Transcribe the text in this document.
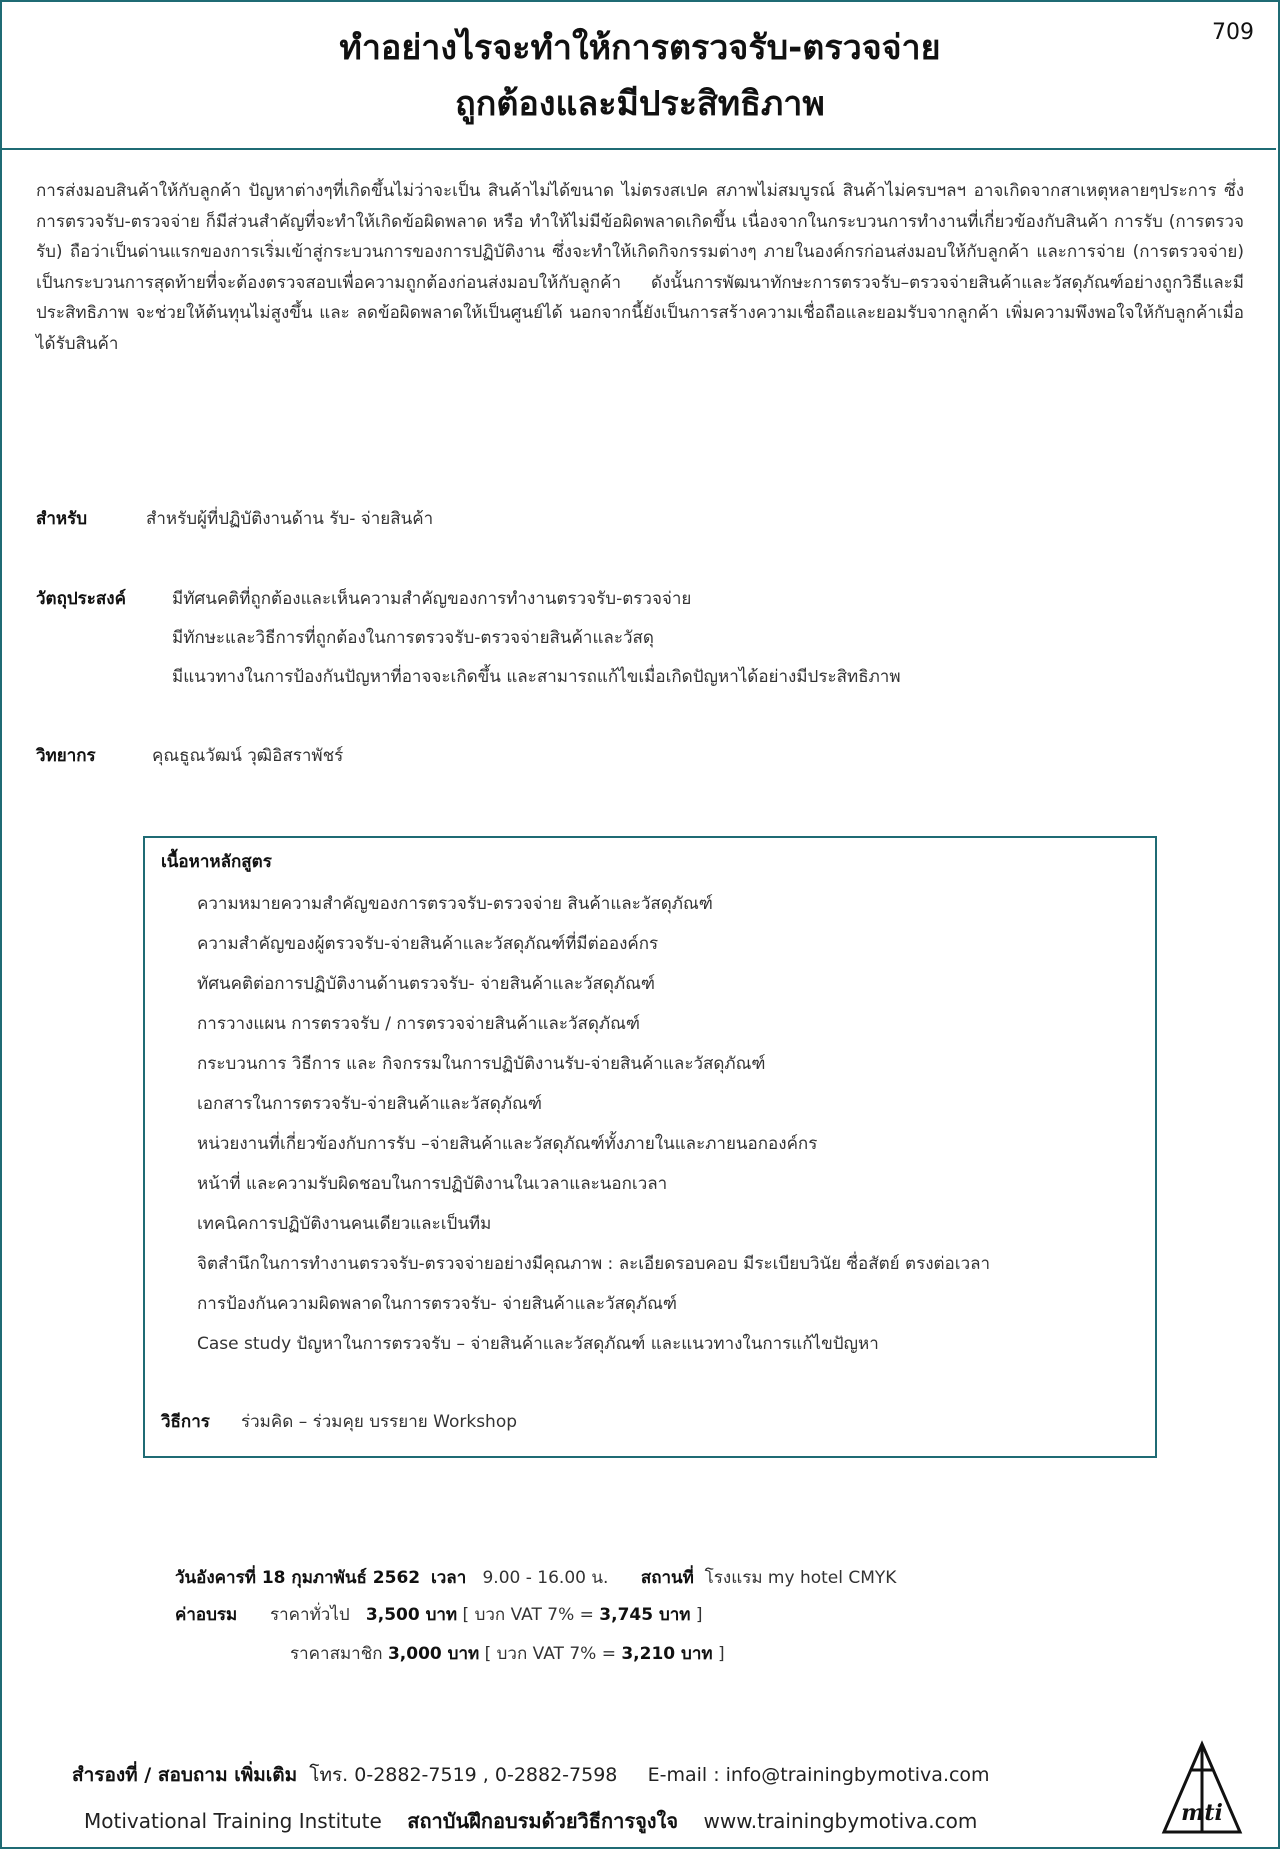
ทำอย่างไรจะทำให้การตรวจรับ-ตรวจจ่าย
ถูกต้องและมีประสิทธิภาพ
709
การส่งมอบสินค้าให้กับลูกค้า ปัญหาต่างๆที่เกิดขึ้นไม่ว่าจะเป็น สินค้าไม่ได้ขนาด ไม่ตรงสเปค สภาพไม่สมบูรณ์ สินค้าไม่ครบฯลฯ อาจเกิดจากสาเหตุหลายๆประการ ซึ่งการตรวจรับ-ตรวจจ่าย ก็มีส่วนสำคัญที่จะทำให้เกิดข้อผิดพลาด หรือ ทำให้ไม่มีข้อผิดพลาดเกิดขึ้น เนื่องจากในกระบวนการทำงานที่เกี่ยวข้องกับสินค้า การรับ (การตรวจรับ) ถือว่าเป็นด่านแรกของการเริ่มเข้าสู่กระบวนการของการปฏิบัติงาน ซึ่งจะทำให้เกิดกิจกรรมต่างๆ ภายในองค์กรก่อนส่งมอบให้กับลูกค้า และการจ่าย (การตรวจจ่าย) เป็นกระบวนการสุดท้ายที่จะต้องตรวจสอบเพื่อความถูกต้องก่อนส่งมอบให้กับลูกค้า ดังนั้นการพัฒนาทักษะการตรวจรับ–ตรวจจ่ายสินค้าและวัสดุภัณฑ์อย่างถูกวิธีและมีประสิทธิภาพ จะช่วยให้ต้นทุนไม่สูงขึ้น และ ลดข้อผิดพลาดให้เป็นศูนย์ได้ นอกจากนี้ยังเป็นการสร้างความเชื่อถือและยอมรับจากลูกค้า เพิ่มความพึงพอใจให้กับลูกค้าเมื่อได้รับสินค้า
สำหรับ	สำหรับผู้ที่ปฏิบัติงานด้าน รับ- จ่ายสินค้า
วัตถุประสงค์	มีทัศนคติที่ถูกต้องและเห็นความสำคัญของการทำงานตรวจรับ-ตรวจจ่าย
มีทักษะและวิธีการที่ถูกต้องในการตรวจรับ-ตรวจจ่ายสินค้าและวัสดุ
มีแนวทางในการป้องกันปัญหาที่อาจจะเกิดขึ้น และสามารถแก้ไขเมื่อเกิดปัญหาได้อย่างมีประสิทธิภาพ
วิทยากร	คุณธูณวัฒน์ วุฒิอิสราพัชร์
เนื้อหาหลักสูตร
ความหมายความสำคัญของการตรวจรับ-ตรวจจ่าย สินค้าและวัสดุภัณฑ์
ความสำคัญของผู้ตรวจรับ-จ่ายสินค้าและวัสดุภัณฑ์ที่มีต่อองค์กร
ทัศนคติต่อการปฏิบัติงานด้านตรวจรับ- จ่ายสินค้าและวัสดุภัณฑ์
การวางแผน การตรวจรับ / การตรวจจ่ายสินค้าและวัสดุภัณฑ์
กระบวนการ วิธีการ และ กิจกรรมในการปฏิบัติงานรับ-จ่ายสินค้าและวัสดุภัณฑ์
เอกสารในการตรวจรับ-จ่ายสินค้าและวัสดุภัณฑ์
หน่วยงานที่เกี่ยวข้องกับการรับ –จ่ายสินค้าและวัสดุภัณฑ์ทั้งภายในและภายนอกองค์กร
หน้าที่ และความรับผิดชอบในการปฏิบัติงานในเวลาและนอกเวลา
เทคนิคการปฏิบัติงานคนเดียวและเป็นทีม
จิตสำนึกในการทำงานตรวจรับ-ตรวจจ่ายอย่างมีคุณภาพ : ละเอียดรอบคอบ มีระเบียบวินัย ซื่อสัตย์ ตรงต่อเวลา
การป้องกันความผิดพลาดในการตรวจรับ- จ่ายสินค้าและวัสดุภัณฑ์
Case study ปัญหาในการตรวจรับ – จ่ายสินค้าและวัสดุภัณฑ์ และแนวทางในการแก้ไขปัญหา
วิธีการ ร่วมคิด – ร่วมคุย บรรยาย Workshop
วันอังคารที่ 18 กุมภาพันธ์ 2562 เวลา 9.00 - 16.00 น. สถานที่ โรงแรม my hotel CMYK
ค่าอบรม ราคาทั่วไป 3,500 บาท [ บวก VAT 7% = 3,745 บาท ]
ราคาสมาชิก 3,000 บาท [ บวก VAT 7% = 3,210 บาท ]
สำรองที่ / สอบถาม เพิ่มเติม โทร. 0-2882-7519 , 0-2882-7598 E-mail : info@trainingbymotiva.com
Motivational Training Institute สถาบันฝึกอบรมด้วยวิธีการจูงใจ www.trainingbymotiva.com	mti
